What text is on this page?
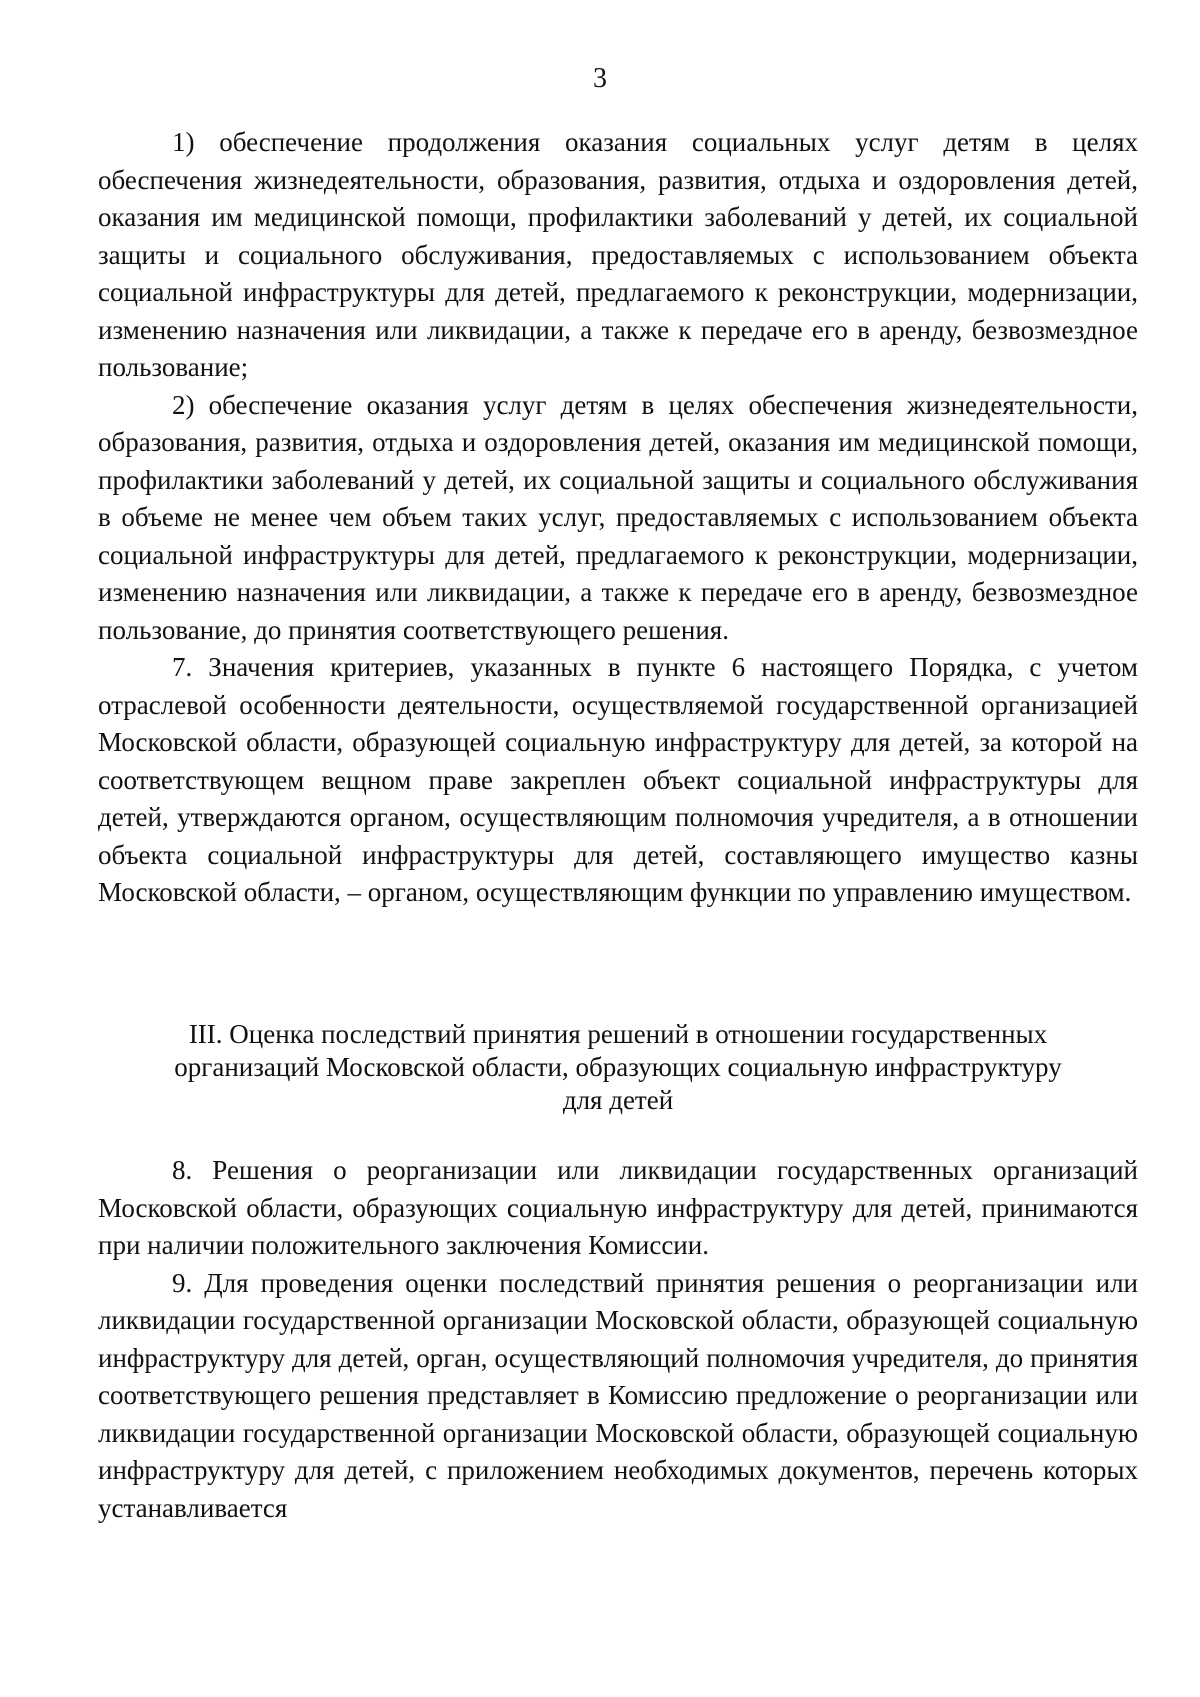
3

1) обеспечение продолжения оказания социальных услуг детям в целях обеспечения жизнедеятельности, образования, развития, отдыха и оздоровления детей, оказания им медицинской помощи, профилактики заболеваний у детей, их социальной защиты и социального обслуживания, предоставляемых с использованием объекта социальной инфраструктуры для детей, предлагаемого к реконструкции, модернизации, изменению назначения или ликвидации, а также к передаче его в аренду, безвозмездное пользование;

2) обеспечение оказания услуг детям в целях обеспечения жизнедеятельности, образования, развития, отдыха и оздоровления детей, оказания им медицинской помощи, профилактики заболеваний у детей, их социальной защиты и социального обслуживания в объеме не менее чем объем таких услуг, предоставляемых с использованием объекта социальной инфраструктуры для детей, предлагаемого к реконструкции, модернизации, изменению назначения или ликвидации, а также к передаче его в аренду, безвозмездное пользование, до принятия соответствующего решения.

7. Значения критериев, указанных в пункте 6 настоящего Порядка, с учетом отраслевой особенности деятельности, осуществляемой государственной организацией Московской области, образующей социальную инфраструктуру для детей, за которой на соответствующем вещном праве закреплен объект социальной инфраструктуры для детей, утверждаются органом, осуществляющим полномочия учредителя, а в отношении объекта социальной инфраструктуры для детей, составляющего имущество казны Московской области, – органом, осуществляющим функции по управлению имуществом.

III. Оценка последствий принятия решений в отношении государственных
организаций Московской области, образующих социальную инфраструктуру
для детей

8. Решения о реорганизации или ликвидации государственных организаций Московской области, образующих социальную инфраструктуру для детей, принимаются при наличии положительного заключения Комиссии.

9. Для проведения оценки последствий принятия решения о реорганизации или ликвидации государственной организации Московской области, образующей социальную инфраструктуру для детей, орган, осуществляющий полномочия учредителя, до принятия соответствующего решения представляет в Комиссию предложение о реорганизации или ликвидации государственной организации Московской области, образующей социальную инфраструктуру для детей, с приложением необходимых документов, перечень которых устанавливается
